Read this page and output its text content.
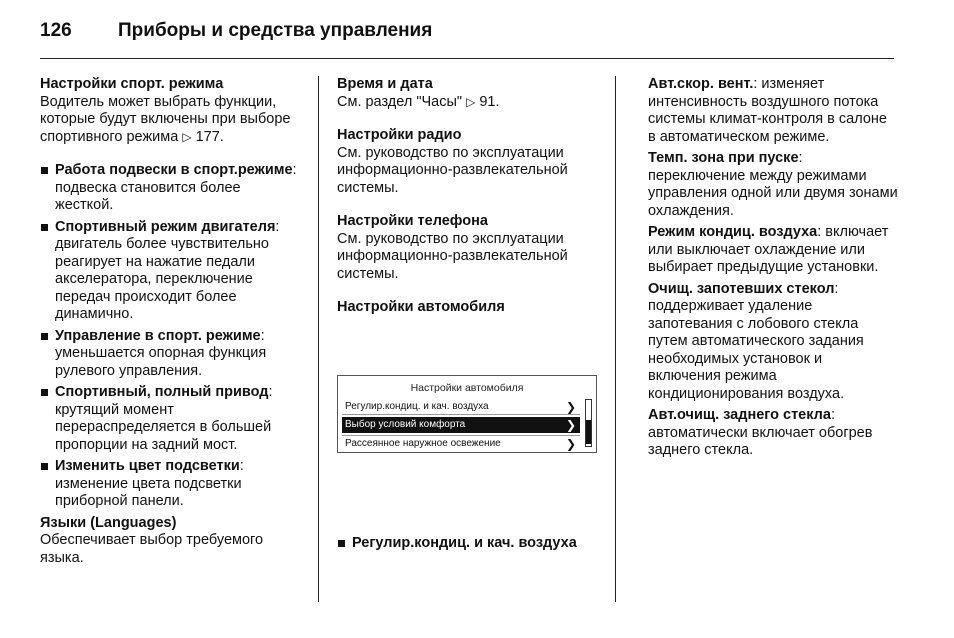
126 Приборы и средства управления

Настройки спорт. режима

Водитель может выбрать функции, которые будут включены при выборе спортивного режима ▷ 177.

Работа подвески в спорт.режиме: подвеска становится более жесткой.
Спортивный режим двигателя: двигатель более чувствительно реагирует на нажатие педали акселератора, переключение передач происходит более динамично.
Управление в спорт. режиме: уменьшается опорная функция рулевого управления.
Спортивный, полный привод: крутящий момент перераспределяется в большей пропорции на задний мост.
Изменить цвет подсветки: изменение цвета подсветки приборной панели.

Языки (Languages)

Обеспечивает выбор требуемого языка.

Время и дата

См. раздел "Часы" ▷ 91.

Настройки радио

См. руководство по эксплуатации информационно-развлекательной системы.

Настройки телефона

См. руководство по эксплуатации информационно-развлекательной системы.

Настройки автомобиля

Настройки автомобиля
Регулир.кондиц. и кач. воздуха	❯
Выбор условий комфорта	❯
Рассеянное наружное освежение	❯
Регулир.кондиц. и кач. воздуха

Авт.скор. вент.: изменяет интенсивность воздушного потока системы климат-контроля в салоне в автоматическом режиме.

Темп. зона при пуске: переключение между режимами управления одной или двумя зонами охлаждения.

Режим кондиц. воздуха: включает или выключает охлаждение или выбирает предыдущие установки.

Очищ. запотевших стекол: поддерживает удаление запотевания с лобового стекла путем автоматического задания необходимых установок и включения режима кондиционирования воздуха.

Авт.очищ. заднего стекла: автоматически включает обогрев заднего стекла.
